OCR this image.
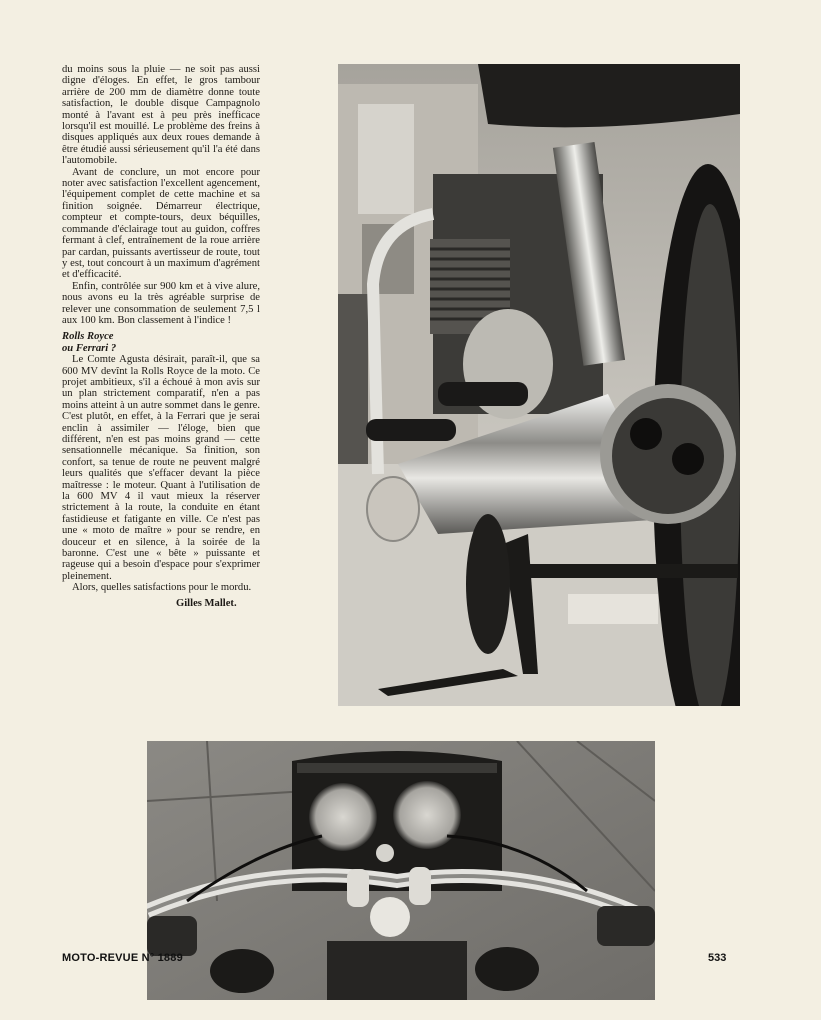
du moins sous la pluie — ne soit pas aussi digne d'éloges. En effet, le gros tambour arrière de 200 mm de diamètre donne toute satisfaction, le double disque Campagnolo monté à l'avant est à peu près inefficace lorsqu'il est mouillé. Le problème des freins à disques appliqués aux deux roues demande à être étudié aussi sérieusement qu'il l'a été dans l'automobile.

Avant de conclure, un mot encore pour noter avec satisfaction l'excellent agencement, l'équipement complet de cette machine et sa finition soignée. Démarreur électrique, compteur et compte-tours, deux béquilles, commande d'éclairage tout au guidon, coffres fermant à clef, entraînement de la roue arrière par cardan, puissants avertisseur de route, tout y est, tout concourt à un maximum d'agrément et d'efficacité.

Enfin, contrôlée sur 900 km et à vive alure, nous avons eu la très agréable surprise de relever une consommation de seulement 7,5 l aux 100 km. Bon classement à l'indice !

Rolls Royce
ou Ferrari ?

Le Comte Agusta désirait, paraît-il, que sa 600 MV devînt la Rolls Royce de la moto. Ce projet ambitieux, s'il a échoué à mon avis sur un plan strictement comparatif, n'en a pas moins atteint à un autre sommet dans le genre. C'est plutôt, en effet, à la Ferrari que je serai enclin à assimiler — l'éloge, bien que différent, n'en est pas moins grand — cette sensationnelle mécanique. Sa finition, son confort, sa tenue de route ne peuvent malgré leurs qualités que s'effacer devant la pièce maîtresse : le moteur. Quant à l'utilisation de la 600 MV 4 il vaut mieux la réserver strictement à la route, la conduite en étant fastidieuse et fatigante en ville. Ce n'est pas une « moto de maître » pour se rendre, en douceur et en silence, à la soirée de la baronne. C'est une « bête » puissante et rageuse qui a besoin d'espace pour s'exprimer pleinement.

Alors, quelles satisfactions pour le mordu.

Gilles Mallet.

MOTO-REVUE N° 1889	533
